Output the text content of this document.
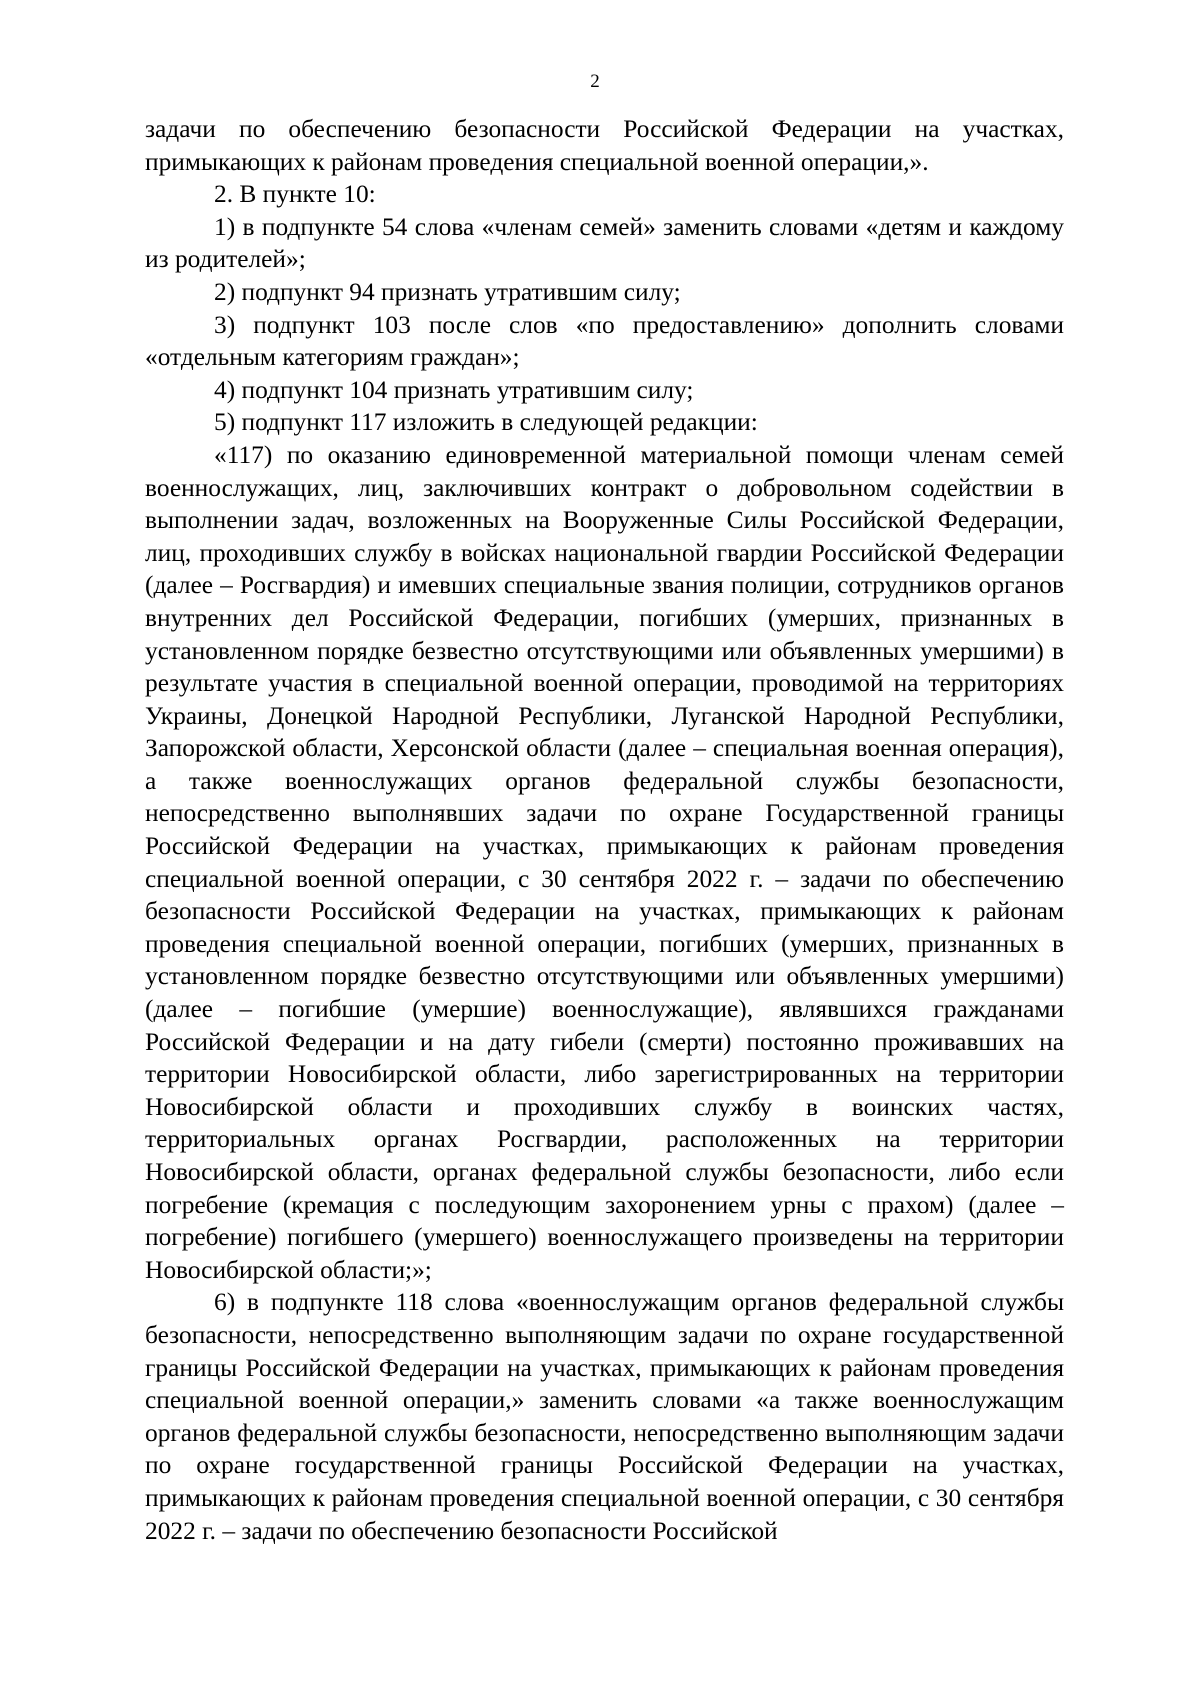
2

задачи по обеспечению безопасности Российской Федерации на участках, примыкающих к районам проведения специальной военной операции,».

2. В пункте 10:

1) в подпункте 54 слова «членам семей» заменить словами «детям и каждому из родителей»;

2) подпункт 94 признать утратившим силу;

3) подпункт 103 после слов «по предоставлению» дополнить словами «отдельным категориям граждан»;

4) подпункт 104 признать утратившим силу;

5) подпункт 117 изложить в следующей редакции:

«117) по оказанию единовременной материальной помощи членам семей военнослужащих, лиц, заключивших контракт о добровольном содействии в выполнении задач, возложенных на Вооруженные Силы Российской Федерации, лиц, проходивших службу в войсках национальной гвардии Российской Федерации (далее – Росгвардия) и имевших специальные звания полиции, сотрудников органов внутренних дел Российской Федерации, погибших (умерших, признанных в установленном порядке безвестно отсутствующими или объявленных умершими) в результате участия в специальной военной операции, проводимой на территориях Украины, Донецкой Народной Республики, Луганской Народной Республики, Запорожской области, Херсонской области (далее – специальная военная операция), а также военнослужащих органов федеральной службы безопасности, непосредственно выполнявших задачи по охране Государственной границы Российской Федерации на участках, примыкающих к районам проведения специальной военной операции, с 30 сентября 2022 г. – задачи по обеспечению безопасности Российской Федерации на участках, примыкающих к районам проведения специальной военной операции, погибших (умерших, признанных в установленном порядке безвестно отсутствующими или объявленных умершими) (далее – погибшие (умершие) военнослужащие), являвшихся гражданами Российской Федерации и на дату гибели (смерти) постоянно проживавших на территории Новосибирской области, либо зарегистрированных на территории Новосибирской области и проходивших службу в воинских частях, территориальных органах Росгвардии, расположенных на территории Новосибирской области, органах федеральной службы безопасности, либо если погребение (кремация с последующим захоронением урны с прахом) (далее – погребение) погибшего (умершего) военнослужащего произведены на территории Новосибирской области;»;

6) в подпункте 118 слова «военнослужащим органов федеральной службы безопасности, непосредственно выполняющим задачи по охране государственной границы Российской Федерации на участках, примыкающих к районам проведения специальной военной операции,» заменить словами «а также военнослужащим органов федеральной службы безопасности, непосредственно выполняющим задачи по охране государственной границы Российской Федерации на участках, примыкающих к районам проведения специальной военной операции, с 30 сентября 2022 г. – задачи по обеспечению безопасности Российской
